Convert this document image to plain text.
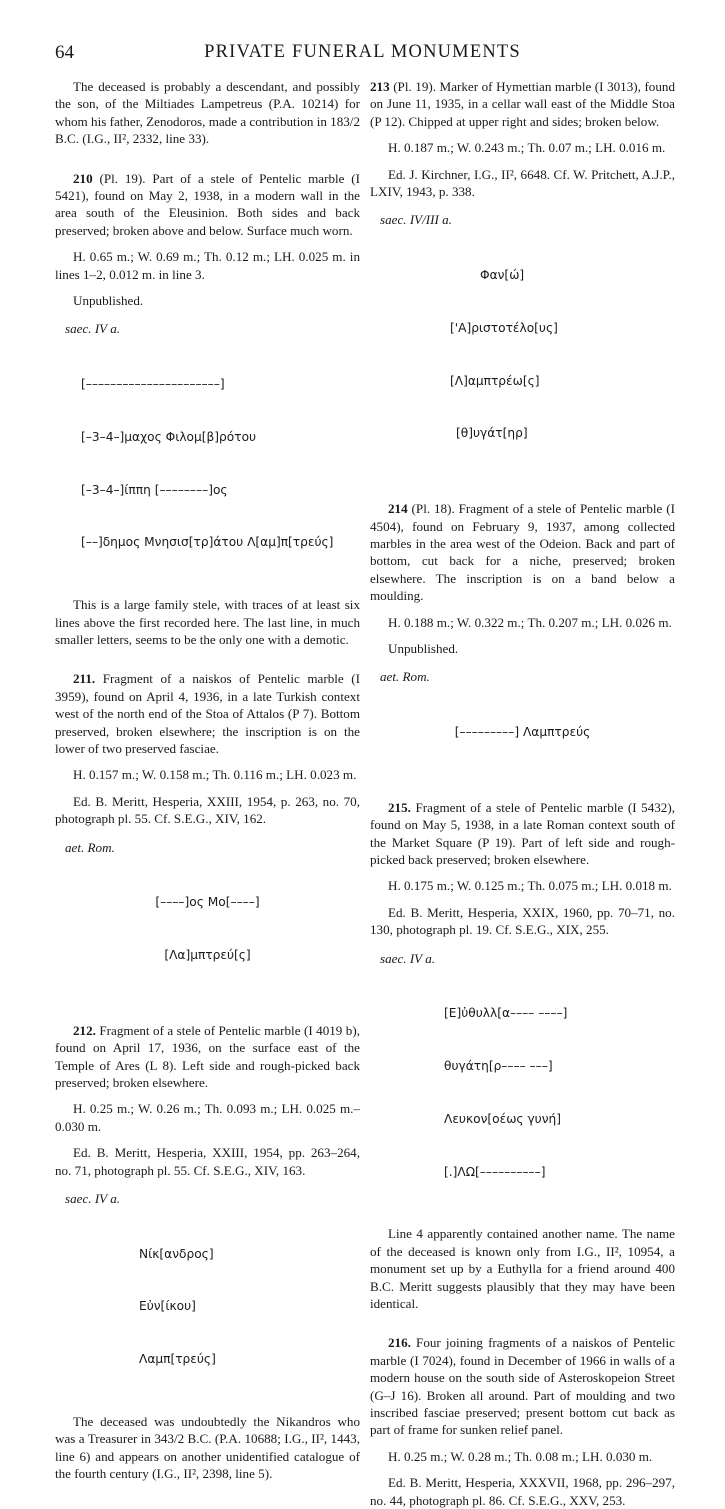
64	PRIVATE FUNERAL MONUMENTS

The deceased is probably a descendant, and possibly the son, of the Miltiades Lampetreus (P.A. 10214) for whom his father, Zenodoros, made a contribution in 183/2 B.C. (I.G., II², 2332, line 33).

210 (Pl. 19). Part of a stele of Pentelic marble (I 5421), found on May 2, 1938, in a modern wall in the area south of the Eleusinion. Both sides and back preserved; broken above and below. Surface much worn.

H. 0.65 m.; W. 0.69 m.; Th. 0.12 m.; LH. 0.025 m. in lines 1–2, 0.012 m. in line 3.

Unpublished.

saec. IV a.

[––––––––––––––––––––––]

[–3–4–]μαχος Φιλομ[β]ρότου

[–3–4–]ίππη [––––––––]ος

[––]δημος Μνησισ[τρ]άτου Λ[αμ]π[τρεύς]

This is a large family stele, with traces of at least six lines above the first recorded here. The last line, in much smaller letters, seems to be the only one with a demotic.

211. Fragment of a naiskos of Pentelic marble (I 3959), found on April 4, 1936, in a late Turkish context west of the north end of the Stoa of Attalos (P 7). Bottom preserved, broken elsewhere; the inscription is on the lower of two preserved fasciae.

H. 0.157 m.; W. 0.158 m.; Th. 0.116 m.; LH. 0.023 m.

Ed. B. Meritt, Hesperia, XXIII, 1954, p. 263, no. 70, photograph pl. 55. Cf. S.E.G., XIV, 162.

aet. Rom.

[––––]ος Μο[––––]

[Λα]μπτρεύ[ς]

212. Fragment of a stele of Pentelic marble (I 4019 b), found on April 17, 1936, on the surface east of the Temple of Ares (L 8). Left side and rough-picked back preserved; broken elsewhere.

H. 0.25 m.; W. 0.26 m.; Th. 0.093 m.; LH. 0.025 m.–0.030 m.

Ed. B. Meritt, Hesperia, XXIII, 1954, pp. 263–264, no. 71, photograph pl. 55. Cf. S.E.G., XIV, 163.

saec. IV a.

Νίκ[ανδρος]

Εὐν[ίκου]

Λαμπ[τρεύς]

The deceased was undoubtedly the Nikandros who was a Treasurer in 343/2 B.C. (P.A. 10688; I.G., II², 1443, line 6) and appears on another unidentified catalogue of the fourth century (I.G., II², 2398, line 5).

213 (Pl. 19). Marker of Hymettian marble (I 3013), found on June 11, 1935, in a cellar wall east of the Middle Stoa (P 12). Chipped at upper right and sides; broken below.

H. 0.187 m.; W. 0.243 m.; Th. 0.07 m.; LH. 0.016 m.

Ed. J. Kirchner, I.G., II², 6648. Cf. W. Pritchett, A.J.P., LXIV, 1943, p. 338.

saec. IV/III a.

Φαν[ώ]

['Α]ριστοτέλο[υς]

[Λ]αμπτρέω[ς]

[θ]υγάτ[ηρ]

214 (Pl. 18). Fragment of a stele of Pentelic marble (I 4504), found on February 9, 1937, among collected marbles in the area west of the Odeion. Back and part of bottom, cut back for a niche, preserved; broken elsewhere. The inscription is on a band below a moulding.

H. 0.188 m.; W. 0.322 m.; Th. 0.207 m.; LH. 0.026 m.

Unpublished.

aet. Rom.

[–––––––––] Λαμπτρεύς

215. Fragment of a stele of Pentelic marble (I 5432), found on May 5, 1938, in a late Roman context south of the Market Square (P 19). Part of left side and rough-picked back preserved; broken elsewhere.

H. 0.175 m.; W. 0.125 m.; Th. 0.075 m.; LH. 0.018 m.

Ed. B. Meritt, Hesperia, XXIX, 1960, pp. 70–71, no. 130, photograph pl. 19. Cf. S.E.G., XIX, 255.

saec. IV a.

[Ε]ὐθυλλ[α–––– ––––]

θυγάτη[ρ–––– –––]

Λευκον[οέως γυνή]

[.]ΛΩ[––––––––––]

Line 4 apparently contained another name. The name of the deceased is known only from I.G., II², 10954, a monument set up by a Euthylla for a friend around 400 B.C. Meritt suggests plausibly that they may have been identical.

216. Four joining fragments of a naiskos of Pentelic marble (I 7024), found in December of 1966 in walls of a modern house on the south side of Asteroskopeion Street (G–J 16). Broken all around. Part of moulding and two inscribed fasciae preserved; present bottom cut back as part of frame for sunken relief panel.

H. 0.25 m.; W. 0.28 m.; Th. 0.08 m.; LH. 0.030 m.

Ed. B. Meritt, Hesperia, XXXVII, 1968, pp. 296–297, no. 44, photograph pl. 86. Cf. S.E.G., XXV, 253.
